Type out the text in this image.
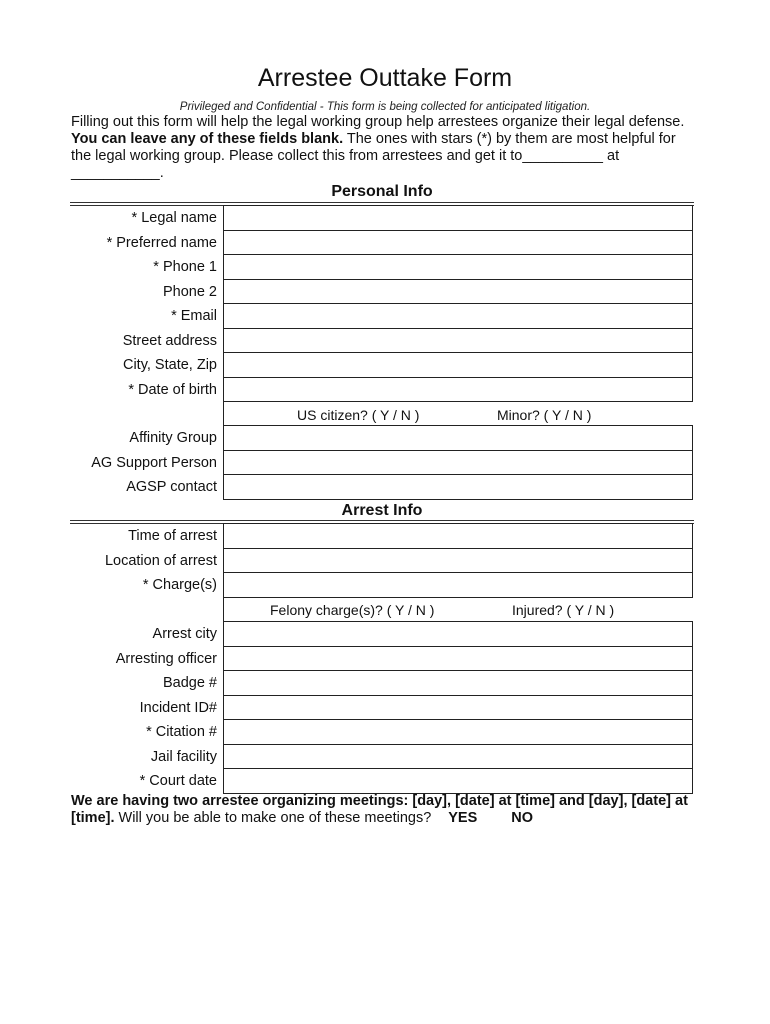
Arrestee Outtake Form
Privileged and Confidential - This form is being collected for anticipated litigation.
Filling out this form will help the legal working group help arrestees organize their legal defense. You can leave any of these fields blank. The ones with stars (*) by them are most helpful for the legal working group. Please collect this from arrestees and get it to__________ at ___________.
Personal Info
* Legal name
* Preferred name
* Phone 1
Phone 2
* Email
Street address
City, State, Zip
* Date of birth
US citizen? ( Y / N )	Minor? ( Y / N )
Affinity Group
AG Support Person
AGSP contact
Arrest Info
Time of arrest
Location of arrest
* Charge(s)
Felony charge(s)? ( Y / N )	Injured? ( Y / N )
Arrest city
Arresting officer
Badge #
Incident ID#
* Citation #
Jail facility
* Court date
We are having two arrestee organizing meetings: [day], [date] at [time] and [day], [date] at [time]. Will you be able to make one of these meetings? YES NO
